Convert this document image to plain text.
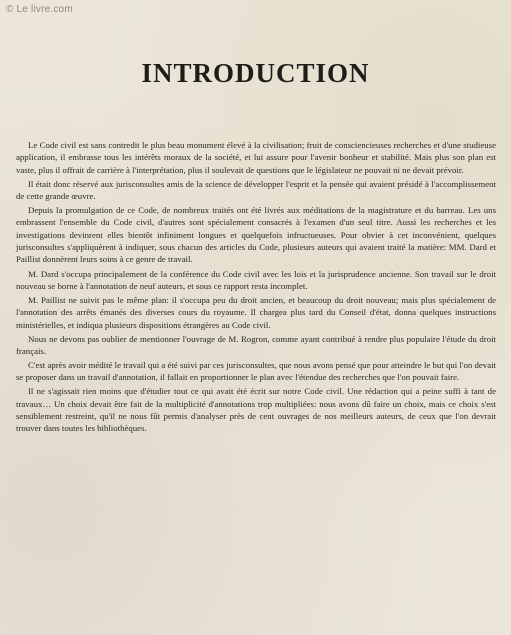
© Le livre.com
INTRODUCTION

Le Code civil est sans contredit le plus beau monument élevé à la civilisation; fruit de consciencieuses recherches et d'une studieuse application, il embrasse tous les intérêts moraux de la société, et lui assure pour l'avenir bonheur et stabilité. Mais plus son plan est vaste, plus il offrait de carrière à l'interprétation, plus il soulevait de questions que le législateur ne pouvait ni ne devait prévoir.

Il était donc réservé aux jurisconsultes amis de la science de développer l'esprit et la pensée qui avaient présidé à l'accomplissement de cette grande œuvre.

Depuis la promulgation de ce Code, de nombreux traités ont été livrés aux méditations de la magistrature et du barreau. Les uns embrassent l'ensemble du Code civil, d'autres sont spécialement consacrés à l'examen d'un seul titre. Aussi les recherches et les investigations devinrent elles bientôt infiniment longues et quelquefois infructueuses. Pour obvier à cet inconvénient, quelques jurisconsultes s'appliquèrent à indiquer, sous chacun des articles du Code, plusieurs auteurs qui avaient traité la matière: MM. Dard et Paillist donnèrent leurs soins à ce genre de travail.

M. Dard s'occupa principalement de la conférence du Code civil avec les lois et la jurisprudence ancienne. Son travail sur le droit nouveau se borne à l'annotation de neuf auteurs, et sous ce rapport resta incomplet.

M. Paillist ne suivit pas le même plan: il s'occupa peu du droit ancien, et beaucoup du droit nouveau; mais plus spécialement de l'annotation des arrêts émanés des diverses cours du royaume. Il chargea plus tard du Conseil d'état, donna quelques instructions ministérielles, et indiqua plusieurs dispositions étrangères au Code civil.

Nous ne devons pas oublier de mentionner l'ouvrage de M. Rogron, comme ayant contribué à rendre plus populaire l'étude du droit français.

C'est après avoir médité le travail qui a été suivi par ces jurisconsultes, que nous avons pensé que pour atteindre le but qui l'on devait se proposer dans un travail d'annotation, il fallait en proportionner le plan avec l'étendue des recherches que l'on pouvait faire.

Il ne s'agissait rien moins que d'étudier tout ce qui avait été écrit sur notre Code civil. Une rédaction qui a peine suffi à tant de travaux… Un choix devait être fait de la multiplicité d'annotations trop multipliées: nous avons dû faire un choix, mais ce choix s'est sensiblement restreint, qu'il ne nous fût permis d'analyser près de cent ouvrages de nos meilleurs auteurs, de ceux que l'on devrait trouver dans toutes les bibliothèques.
